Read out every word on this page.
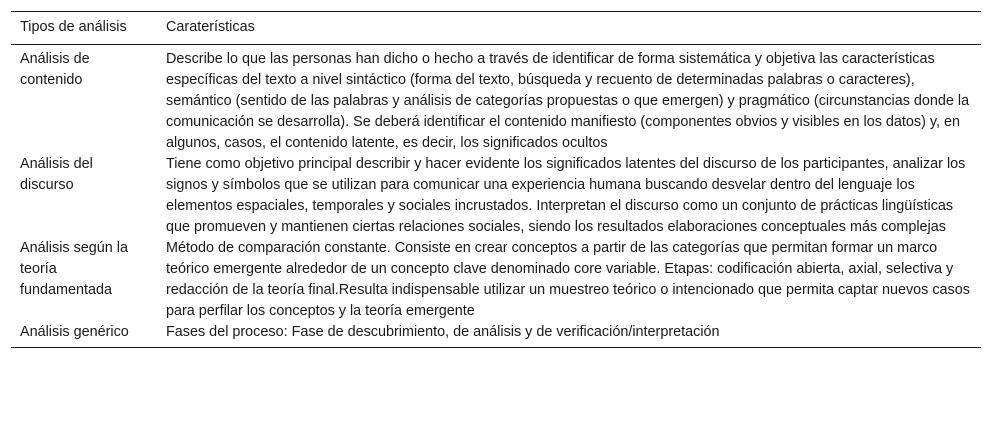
Tipos de análisis	Caraterísticas
Análisis de contenido	Describe lo que las personas han dicho o hecho a través de identificar de forma sistemática y objetiva las características específicas del texto a nivel sintáctico (forma del texto, búsqueda y recuento de determinadas palabras o caracteres), semántico (sentido de las palabras y análisis de categorías propuestas o que emergen) y pragmático (circunstancias donde la comunicación se desarrolla). Se deberá identificar el contenido manifiesto (componentes obvios y visibles en los datos) y, en algunos, casos, el contenido latente, es decir, los significados ocultos
Análisis del discurso	Tiene como objetivo principal describir y hacer evidente los significados latentes del discurso de los participantes, analizar los signos y símbolos que se utilizan para comunicar una experiencia humana buscando desvelar dentro del lenguaje los elementos espaciales, temporales y sociales incrustados. Interpretan el discurso como un conjunto de prácticas lingüísticas que promueven y mantienen ciertas relaciones sociales, siendo los resultados elaboraciones conceptuales más complejas
Análisis según la teoría fundamentada	Método de comparación constante. Consiste en crear conceptos a partir de las categorías que permitan formar un marco teórico emergente alrededor de un concepto clave denominado core variable. Etapas: codificación abierta, axial, selectiva y redacción de la teoría final.Resulta indispensable utilizar un muestreo teórico o intencionado que permita captar nuevos casos para perfilar los conceptos y la teoría emergente
Análisis genérico	Fases del proceso: Fase de descubrimiento, de análisis y de verificación/interpretación
